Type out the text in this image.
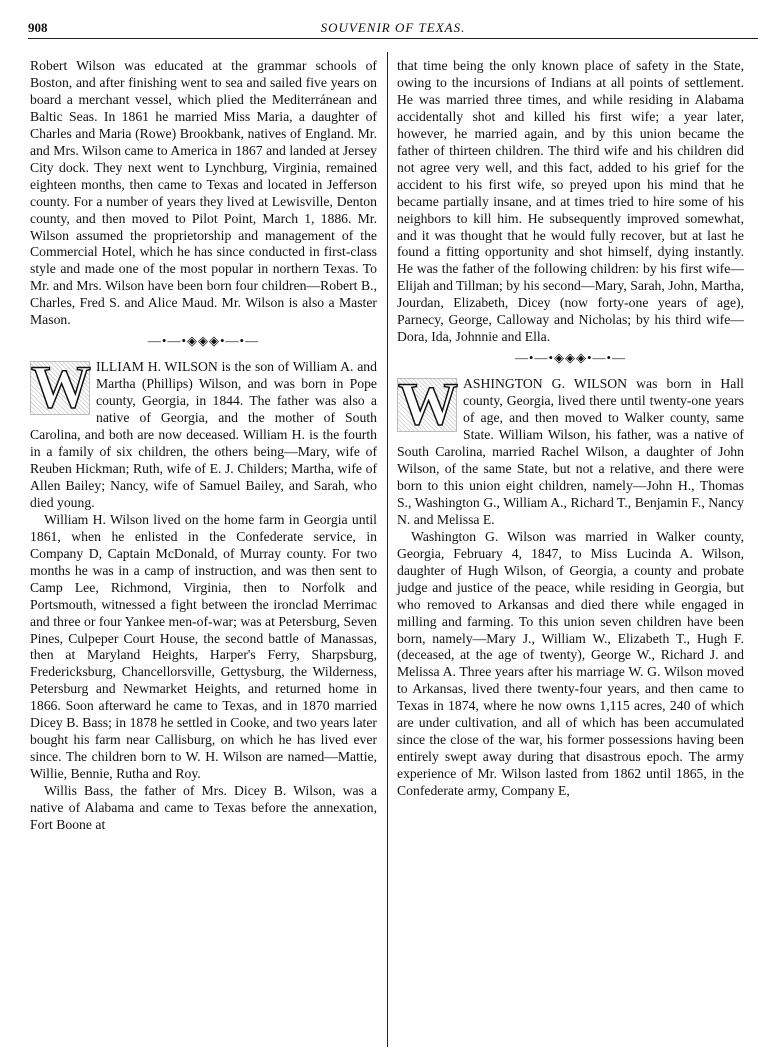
908	SOUVENIR OF TEXAS.

Robert Wilson was educated at the grammar schools of Boston, and after finishing went to sea and sailed five years on board a merchant vessel, which plied the Mediterránean and Baltic Seas. In 1861 he married Miss Maria, a daughter of Charles and Maria (Rowe) Brookbank, natives of England. Mr. and Mrs. Wilson came to America in 1867 and landed at Jersey City dock. They next went to Lynchburg, Virginia, remained eighteen months, then came to Texas and located in Jefferson county. For a number of years they lived at Lewisville, Denton county, and then moved to Pilot Point, March 1, 1886. Mr. Wilson assumed the proprietorship and management of the Commercial Hotel, which he has since conducted in first-class style and made one of the most popular in northern Texas. To Mr. and Mrs. Wilson have been born four children—Robert B., Charles, Fred S. and Alice Maud. Mr. Wilson is also a Master Mason.

—•—•◈◈◈•—•—
W ILLIAM H. WILSON is the son of William A. and Martha (Phillips) Wilson, and was born in Pope county, Georgia, in 1844. The father was also a native of Georgia, and the mother of South Carolina, and both are now deceased. William H. is the fourth in a family of six children, the others being—Mary, wife of Reuben Hickman; Ruth, wife of E. J. Childers; Martha, wife of Allen Bailey; Nancy, wife of Samuel Bailey, and Sarah, who died young.

William H. Wilson lived on the home farm in Georgia until 1861, when he enlisted in the Confederate service, in Company D, Captain McDonald, of Murray county. For two months he was in a camp of instruction, and was then sent to Camp Lee, Richmond, Virginia, then to Norfolk and Portsmouth, witnessed a fight between the ironclad Merrimac and three or four Yankee men-of-war; was at Petersburg, Seven Pines, Culpeper Court House, the second battle of Manassas, then at Maryland Heights, Harper's Ferry, Sharpsburg, Fredericksburg, Chancellorsville, Gettysburg, the Wilderness, Petersburg and Newmarket Heights, and returned home in 1866. Soon afterward he came to Texas, and in 1870 married Dicey B. Bass; in 1878 he settled in Cooke, and two years later bought his farm near Callisburg, on which he has lived ever since. The children born to W. H. Wilson are named—Mattie, Willie, Bennie, Rutha and Roy.

Willis Bass, the father of Mrs. Dicey B. Wilson, was a native of Alabama and came to Texas before the annexation, Fort Boone at

that time being the only known place of safety in the State, owing to the incursions of Indians at all points of settlement. He was married three times, and while residing in Alabama accidentally shot and killed his first wife; a year later, however, he married again, and by this union became the father of thirteen children. The third wife and his children did not agree very well, and this fact, added to his grief for the accident to his first wife, so preyed upon his mind that he became partially insane, and at times tried to hire some of his neighbors to kill him. He subsequently improved somewhat, and it was thought that he would fully recover, but at last he found a fitting opportunity and shot himself, dying instantly. He was the father of the following children: by his first wife—Elijah and Tillman; by his second—Mary, Sarah, John, Martha, Jourdan, Elizabeth, Dicey (now forty-one years of age), Parnecy, George, Calloway and Nicholas; by his third wife—Dora, Ida, Johnnie and Ella.

—•—•◈◈◈•—•—
W ASHINGTON G. WILSON was born in Hall county, Georgia, lived there until twenty-one years of age, and then moved to Walker county, same State. William Wilson, his father, was a native of South Carolina, married Rachel Wilson, a daughter of John Wilson, of the same State, but not a relative, and there were born to this union eight children, namely—John H., Thomas S., Washington G., William A., Richard T., Benjamin F., Nancy N. and Melissa E.

Washington G. Wilson was married in Walker county, Georgia, February 4, 1847, to Miss Lucinda A. Wilson, daughter of Hugh Wilson, of Georgia, a county and probate judge and justice of the peace, while residing in Georgia, but who removed to Arkansas and died there while engaged in milling and farming. To this union seven children have been born, namely—Mary J., William W., Elizabeth T., Hugh F. (deceased, at the age of twenty), George W., Richard J. and Melissa A. Three years after his marriage W. G. Wilson moved to Arkansas, lived there twenty-four years, and then came to Texas in 1874, where he now owns 1,115 acres, 240 of which are under cultivation, and all of which has been accumulated since the close of the war, his former possessions having been entirely swept away during that disastrous epoch. The army experience of Mr. Wilson lasted from 1862 until 1865, in the Confederate army, Company E,
